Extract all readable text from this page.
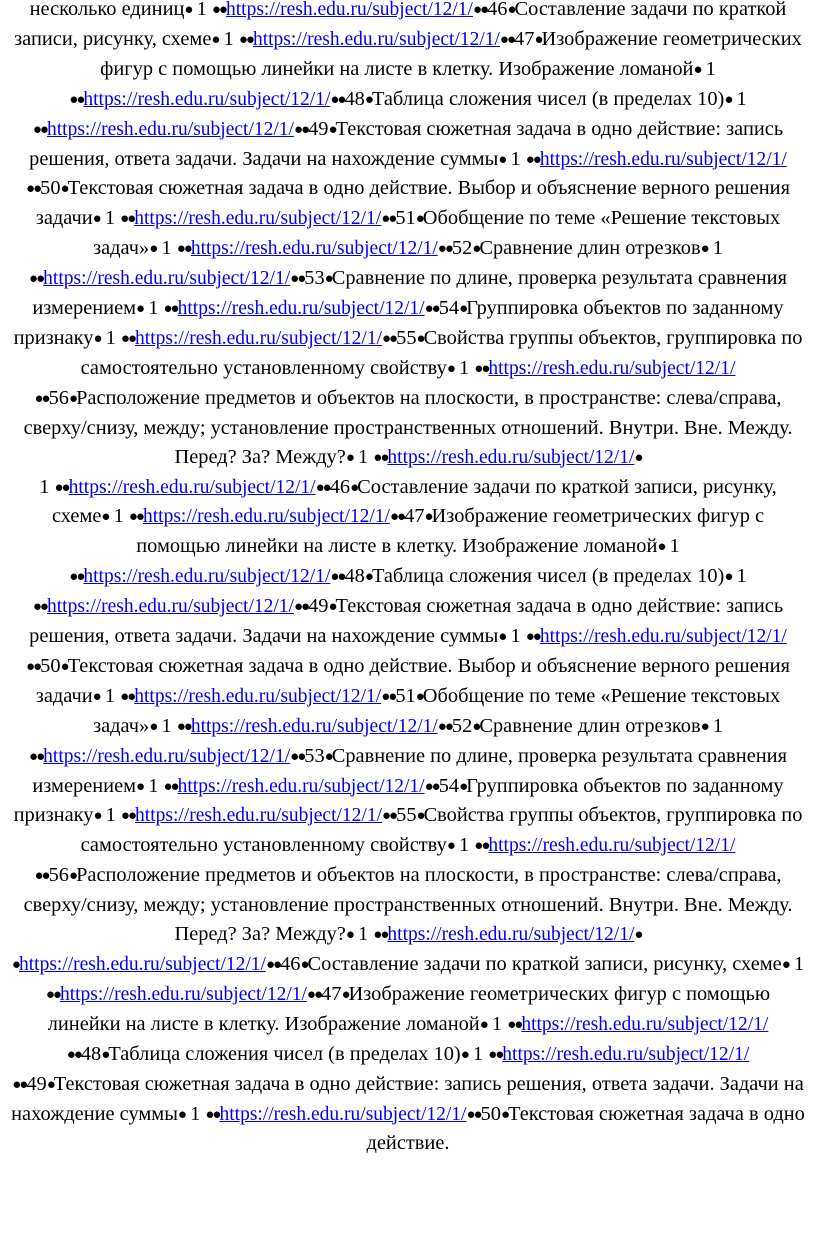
несколько единиц● 1 ●●https://resh.edu.ru/subject/12/1/●●46●Составление задачи по краткой записи, рисунку, схеме● 1 ●●https://resh.edu.ru/subject/12/1/●●47●Изображение геометрических фигур с помощью линейки на листе в клетку. Изображение ломаной● 1 ●●https://resh.edu.ru/subject/12/1/●●48●Таблица сложения чисел (в пределах 10)● 1 ●●https://resh.edu.ru/subject/12/1/●●49●Текстовая сюжетная задача в одно действие: запись решения, ответа задачи. Задачи на нахождение суммы● 1 ●●https://resh.edu.ru/subject/12/1/●●50●Текстовая сюжетная задача в одно действие. Выбор и объяснение верного решения задачи● 1 ●●https://resh.edu.ru/subject/12/1/●●51●Обобщение по теме «Решение текстовых задач»● 1 ●●https://resh.edu.ru/subject/12/1/●●52●Сравнение длин отрезков● 1 ●●https://resh.edu.ru/subject/12/1/●●53●Сравнение по длине, проверка результата сравнения измерением● 1 ●●https://resh.edu.ru/subject/12/1/●●54●Группировка объектов по заданному признаку● 1 ●●https://resh.edu.ru/subject/12/1/●●55●Свойства группы объектов, группировка по самостоятельно установленному свойству● 1 ●●https://resh.edu.ru/subject/12/1/●●56●Расположение предметов и объектов на плоскости, в пространстве: слева/справа, сверху/снизу, между; установление пространственных отношений. Внутри. Вне. Между. Перед? За? Между?● 1 ●●https://resh.edu.ru/subject/12/1/●
1 ●●https://resh.edu.ru/subject/12/1/●●46●Составление задачи по краткой записи, рисунку, схеме● 1 ●●https://resh.edu.ru/subject/12/1/●●47●Изображение геометрических фигур с помощью линейки на листе в клетку. Изображение ломаной● 1 ●●https://resh.edu.ru/subject/12/1/●●48●Таблица сложения чисел (в пределах 10)● 1 ●●https://resh.edu.ru/subject/12/1/●●49●Текстовая сюжетная задача в одно действие: запись решения, ответа задачи. Задачи на нахождение суммы● 1 ●●https://resh.edu.ru/subject/12/1/●●50●Текстовая сюжетная задача в одно действие. Выбор и объяснение верного решения задачи● 1 ●●https://resh.edu.ru/subject/12/1/●●51●Обобщение по теме «Решение текстовых задач»● 1 ●●https://resh.edu.ru/subject/12/1/●●52●Сравнение длин отрезков● 1 ●●https://resh.edu.ru/subject/12/1/●●53●Сравнение по длине, проверка результата сравнения измерением● 1 ●●https://resh.edu.ru/subject/12/1/●●54●Группировка объектов по заданному признаку● 1 ●●https://resh.edu.ru/subject/12/1/●●55●Свойства группы объектов, группировка по самостоятельно установленному свойству● 1 ●●https://resh.edu.ru/subject/12/1/●●56●Расположение предметов и объектов на плоскости, в пространстве: слева/справа, сверху/снизу, между; установление пространственных отношений. Внутри. Вне. Между. Перед? За? Между?● 1 ●●https://resh.edu.ru/subject/12/1/●
●https://resh.edu.ru/subject/12/1/●●46●Составление задачи по краткой записи, рисунку, схеме● 1 ●●https://resh.edu.ru/subject/12/1/●●47●Изображение геометрических фигур с помощью линейки на листе в клетку. Изображение ломаной● 1 ●●https://resh.edu.ru/subject/12/1/●●48●Таблица сложения чисел (в пределах 10)● 1 ●●https://resh.edu.ru/subject/12/1/●●49●Текстовая сюжетная задача в одно действие: запись решения, ответа задачи. Задачи на нахождение суммы● 1 ●●https://resh.edu.ru/subject/12/1/●●50●Текстовая сюжетная задача в одно действие.
